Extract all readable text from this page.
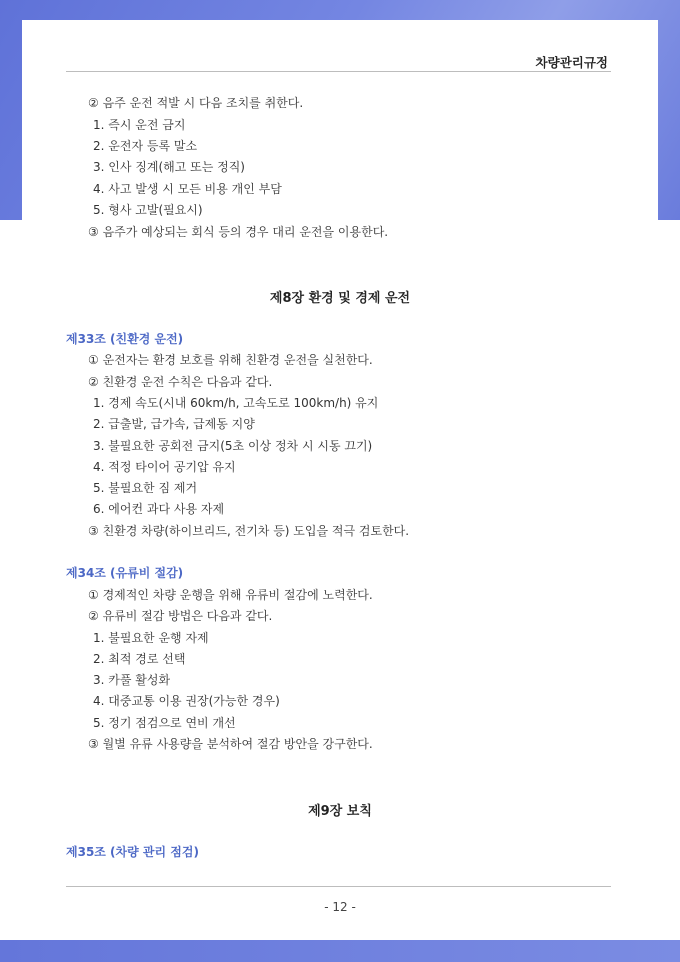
차량관리규정
- 12 -
② 음주 운전 적발 시 다음 조치를 취한다.
1. 즉시 운전 금지
2. 운전자 등록 말소
3. 인사 징계(해고 또는 정직)
4. 사고 발생 시 모든 비용 개인 부담
5. 형사 고발(필요시)
③ 음주가 예상되는 회식 등의 경우 대리 운전을 이용한다.
제8장 환경 및 경제 운전
제33조 (친환경 운전)
① 운전자는 환경 보호를 위해 친환경 운전을 실천한다.
② 친환경 운전 수칙은 다음과 같다.
1. 경제 속도(시내 60km/h, 고속도로 100km/h) 유지
2. 급출발, 급가속, 급제동 지양
3. 불필요한 공회전 금지(5초 이상 정차 시 시동 끄기)
4. 적정 타이어 공기압 유지
5. 불필요한 짐 제거
6. 에어컨 과다 사용 자제
③ 친환경 차량(하이브리드, 전기차 등) 도입을 적극 검토한다.
제34조 (유류비 절감)
① 경제적인 차량 운행을 위해 유류비 절감에 노력한다.
② 유류비 절감 방법은 다음과 같다.
1. 불필요한 운행 자제
2. 최적 경로 선택
3. 카풀 활성화
4. 대중교통 이용 권장(가능한 경우)
5. 정기 점검으로 연비 개선
③ 월별 유류 사용량을 분석하여 절감 방안을 강구한다.
제9장 보칙
제35조 (차량 관리 점검)
